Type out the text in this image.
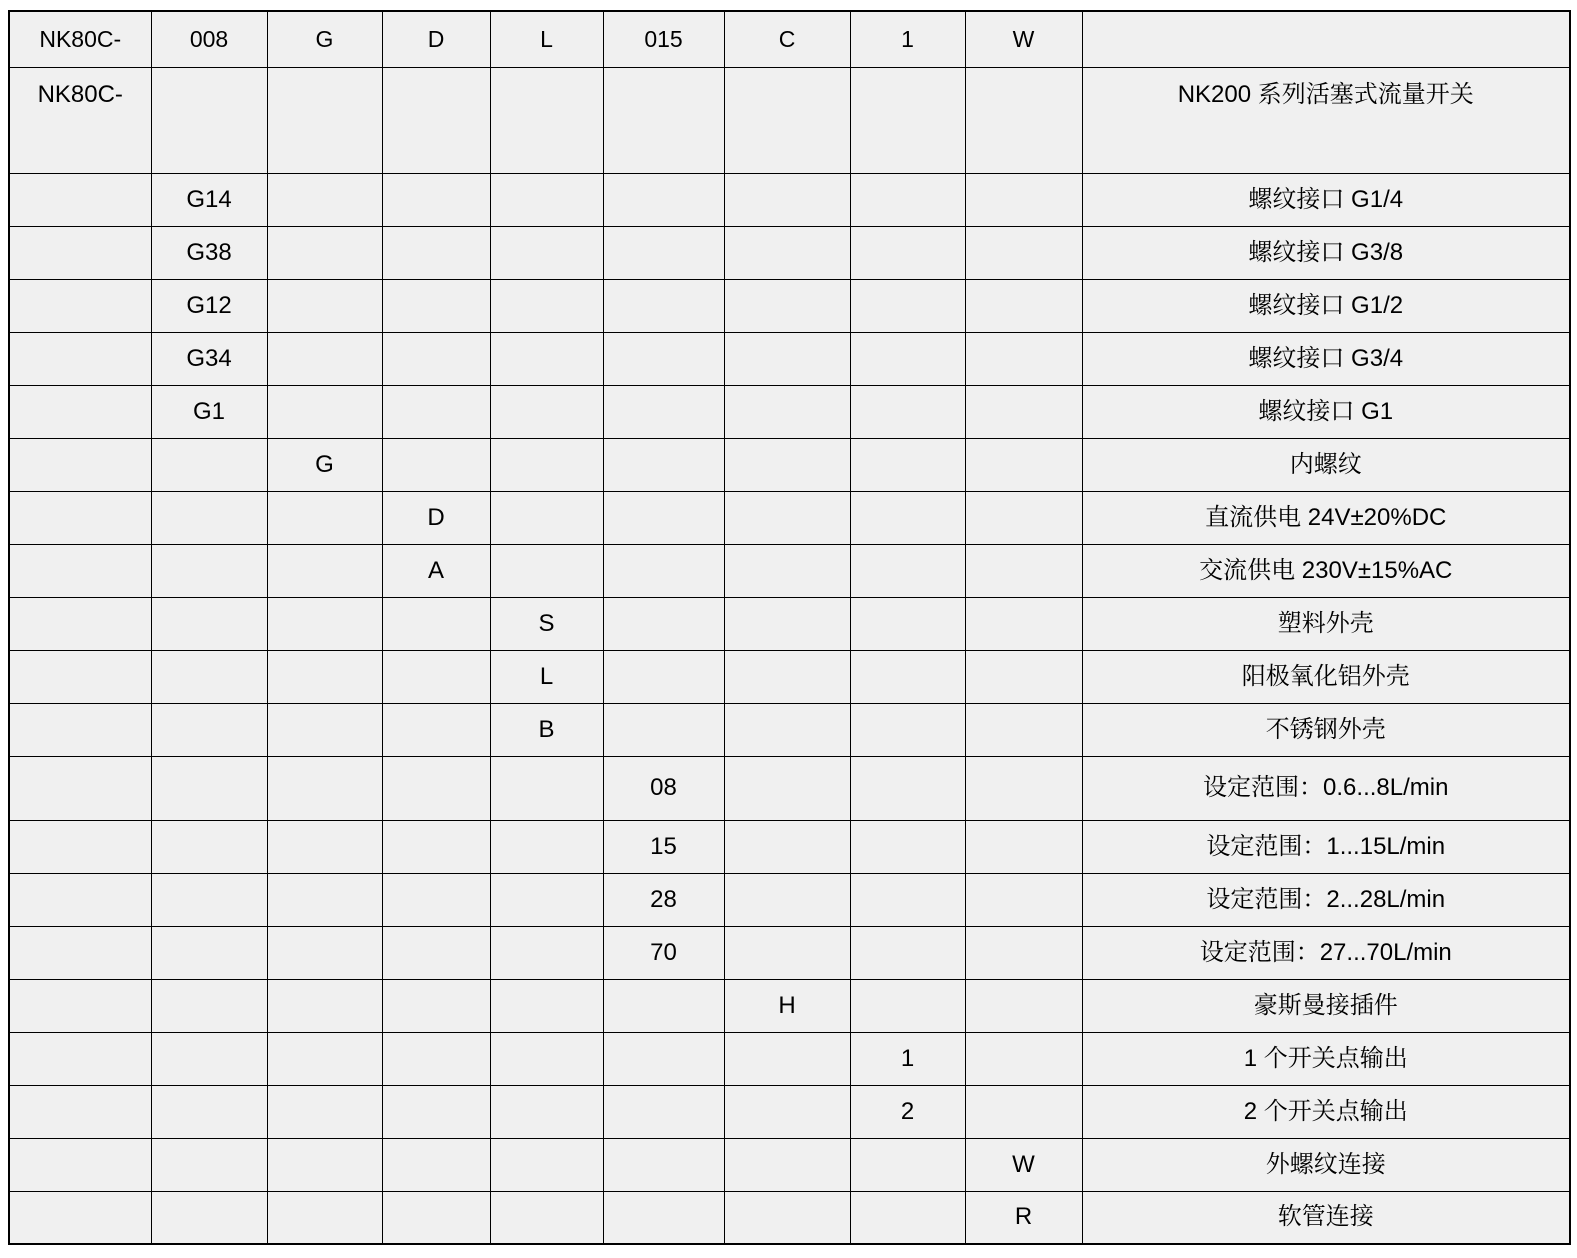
NK80C-	008	G	D	L	015	C	1	W	
NK80C-									NK200 系列活塞式流量开关
	G14								螺纹接口 G1/4
	G38								螺纹接口 G3/8
	G12								螺纹接口 G1/2
	G34								螺纹接口 G3/4
	G1								螺纹接口 G1
		G							内螺纹
			D						直流供电 24V±20%DC
			A						交流供电 230V±15%AC
				S					塑料外壳
				L					阳极氧化铝外壳
				B					不锈钢外壳
					08				设定范围：0.6...8L/min
					15				设定范围：1...15L/min
					28				设定范围：2...28L/min
					70				设定范围：27...70L/min
						H			豪斯曼接插件
							1		1 个开关点输出
							2		2 个开关点输出
								W	外螺纹连接
								R	软管连接
